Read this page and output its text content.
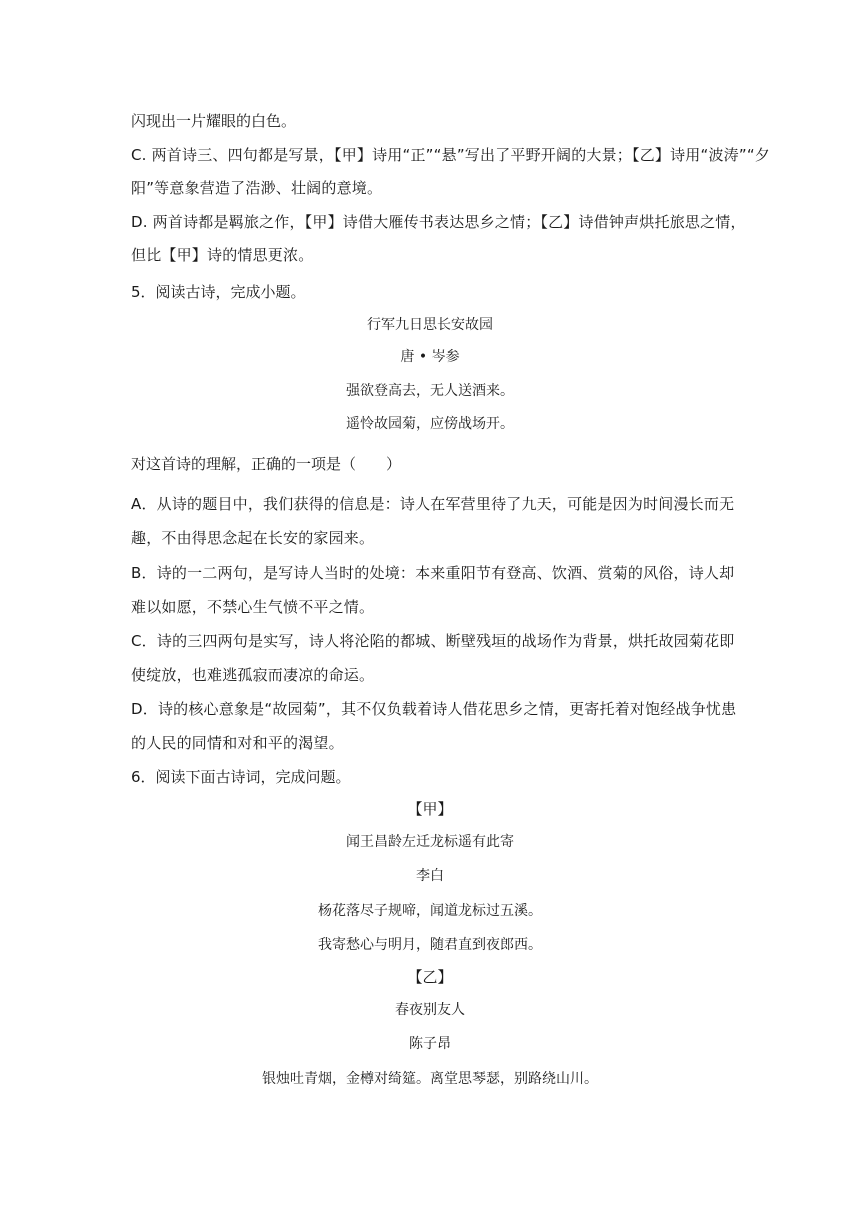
闪现出一片耀眼的白色。
C. 两首诗三、四句都是写景，【甲】诗用“正”“悬”写出了平野开阔的大景；【乙】诗用“波涛”“夕
阳”等意象营造了浩渺、壮阔的意境。
D. 两首诗都是羁旅之作，【甲】诗借大雁传书表达思乡之情；【乙】诗借钟声烘托旅思之情，
但比【甲】诗的情思更浓。
5．阅读古诗，完成小题。
行军九日思长安故园
唐 • 岑参
强欲登高去，无人送酒来。
遥怜故园菊，应傍战场开。
对这首诗的理解，正确的一项是（　　）
A．从诗的题目中，我们获得的信息是：诗人在军营里待了九天，可能是因为时间漫长而无
趣，不由得思念起在长安的家园来。
B．诗的一二两句，是写诗人当时的处境：本来重阳节有登高、饮酒、赏菊的风俗，诗人却
难以如愿，不禁心生气愤不平之情。
C．诗的三四两句是实写，诗人将沦陷的都城、断壁残垣的战场作为背景，烘托故园菊花即
使绽放，也难逃孤寂而凄凉的命运。
D．诗的核心意象是“故园菊”，其不仅负载着诗人借花思乡之情，更寄托着对饱经战争忧患
的人民的同情和对和平的渴望。
6．阅读下面古诗词，完成问题。
【甲】
闻王昌龄左迁龙标遥有此寄
李白
杨花落尽子规啼，闻道龙标过五溪。
我寄愁心与明月，随君直到夜郎西。
【乙】
春夜别友人
陈子昂
银烛吐青烟，金樽对绮筵。离堂思琴瑟，别路绕山川。
